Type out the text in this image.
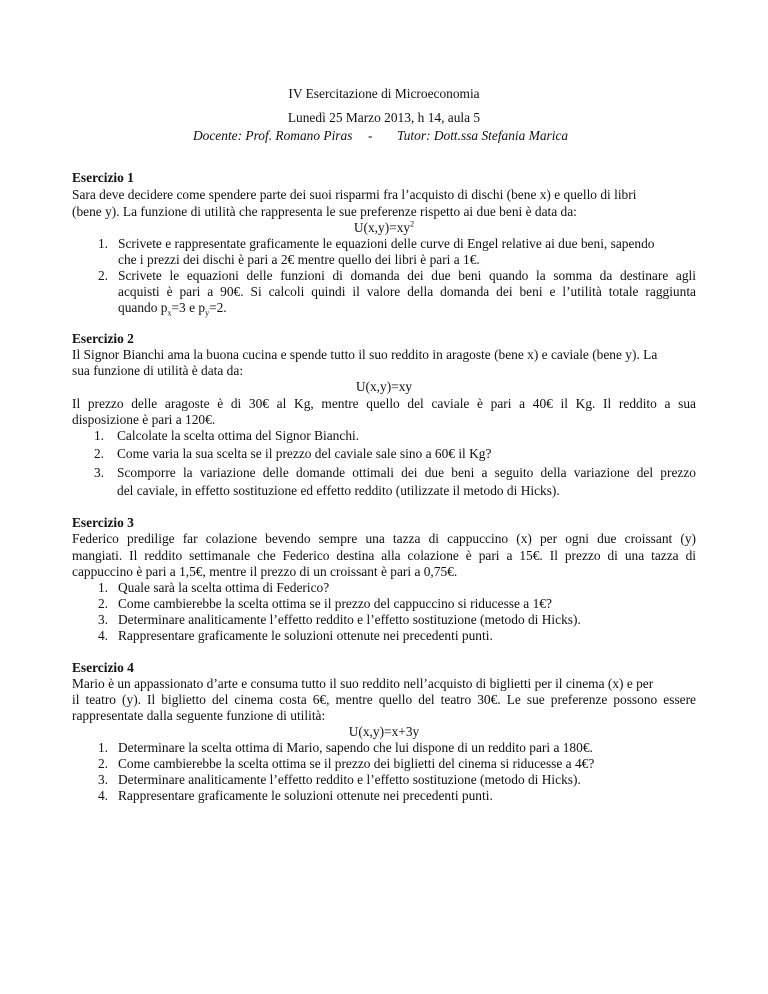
IV Esercitazione di Microeconomia
Lunedì 25 Marzo 2013, h 14, aula 5
Docente: Prof. Romano Piras - Tutor: Dott.ssa Stefania Marica
Esercizio 1
Sara deve decidere come spendere parte dei suoi risparmi fra l’acquisto di dischi (bene x) e quello di libri
(bene y). La funzione di utilità che rappresenta le sue preferenze rispetto ai due beni è data da:
$U(x,y)=xy^2$
1. Scrivete e rappresentate graficamente le equazioni delle curve di Engel relative ai due beni, sapendo
che i prezzi dei dischi è pari a 2€ mentre quello dei libri è pari a 1€.
2. Scrivete le equazioni delle funzioni di domanda dei due beni quando la somma da destinare agli
acquisti è pari a 90€. Si calcoli quindi il valore della domanda dei beni e l’utilità totale raggiunta
quando $p_x=3$ e $p_y=2$.
Esercizio 2
Il Signor Bianchi ama la buona cucina e spende tutto il suo reddito in aragoste (bene x) e caviale (bene y). La
sua funzione di utilità è data da:
U(x,y)=xy
Il prezzo delle aragoste è di 30€ al Kg, mentre quello del caviale è pari a 40€ il Kg. Il reddito a sua
disposizione è pari a 120€.
1. Calcolate la scelta ottima del Signor Bianchi.
2. Come varia la sua scelta se il prezzo del caviale sale sino a 60€ il Kg?
3. Scomporre la variazione delle domande ottimali dei due beni a seguito della variazione del prezzo
del caviale, in effetto sostituzione ed effetto reddito (utilizzate il metodo di Hicks).
Esercizio 3
Federico predilige far colazione bevendo sempre una tazza di cappuccino (x) per ogni due croissant (y)
mangiati. Il reddito settimanale che Federico destina alla colazione è pari a 15€. Il prezzo di una tazza di
cappuccino è pari a 1,5€, mentre il prezzo di un croissant è pari a 0,75€.
1. Quale sarà la scelta ottima di Federico?
2. Come cambierebbe la scelta ottima se il prezzo del cappuccino si riducesse a 1€?
3. Determinare analiticamente l’effetto reddito e l’effetto sostituzione (metodo di Hicks).
4. Rappresentare graficamente le soluzioni ottenute nei precedenti punti.
Esercizio 4
Mario è un appassionato d’arte e consuma tutto il suo reddito nell’acquisto di biglietti per il cinema (x) e per
il teatro (y). Il biglietto del cinema costa 6€, mentre quello del teatro 30€. Le sue preferenze possono essere
rappresentate dalla seguente funzione di utilità:
U(x,y)=x+3y
1. Determinare la scelta ottima di Mario, sapendo che lui dispone di un reddito pari a 180€.
2. Come cambierebbe la scelta ottima se il prezzo dei biglietti del cinema si riducesse a 4€?
3. Determinare analiticamente l’effetto reddito e l’effetto sostituzione (metodo di Hicks).
4. Rappresentare graficamente le soluzioni ottenute nei precedenti punti.
